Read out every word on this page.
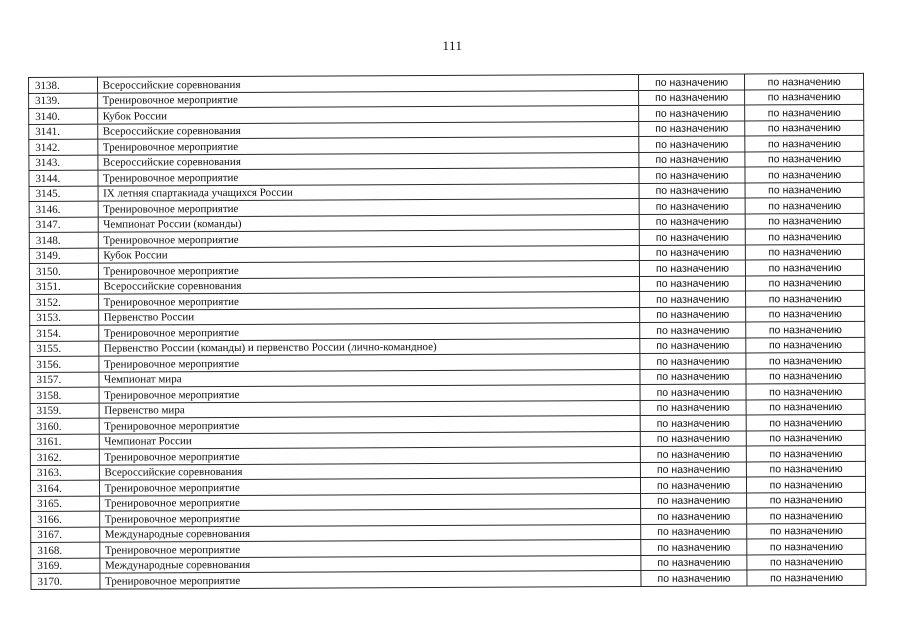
111
3138.	Всероссийские соревнования	по назначению	по назначению
3139.	Тренировочное мероприятие	по назначению	по назначению
3140.	Кубок России	по назначению	по назначению
3141.	Всероссийские соревнования	по назначению	по назначению
3142.	Тренировочное мероприятие	по назначению	по назначению
3143.	Всероссийские соревнования	по назначению	по назначению
3144.	Тренировочное мероприятие	по назначению	по назначению
3145.	IX летняя спартакиада учащихся России	по назначению	по назначению
3146.	Тренировочное мероприятие	по назначению	по назначению
3147.	Чемпионат России (команды)	по назначению	по назначению
3148.	Тренировочное мероприятие	по назначению	по назначению
3149.	Кубок России	по назначению	по назначению
3150.	Тренировочное мероприятие	по назначению	по назначению
3151.	Всероссийские соревнования	по назначению	по назначению
3152.	Тренировочное мероприятие	по назначению	по назначению
3153.	Первенство России	по назначению	по назначению
3154.	Тренировочное мероприятие	по назначению	по назначению
3155.	Первенство России (команды) и первенство России (лично-командное)	по назначению	по назначению
3156.	Тренировочное мероприятие	по назначению	по назначению
3157.	Чемпионат мира	по назначению	по назначению
3158.	Тренировочное мероприятие	по назначению	по назначению
3159.	Первенство мира	по назначению	по назначению
3160.	Тренировочное мероприятие	по назначению	по назначению
3161.	Чемпионат России	по назначению	по назначению
3162.	Тренировочное мероприятие	по назначению	по назначению
3163.	Всероссийские соревнования	по назначению	по назначению
3164.	Тренировочное мероприятие	по назначению	по назначению
3165.	Тренировочное мероприятие	по назначению	по назначению
3166.	Тренировочное мероприятие	по назначению	по назначению
3167.	Международные соревнования	по назначению	по назначению
3168.	Тренировочное мероприятие	по назначению	по назначению
3169.	Международные соревнования	по назначению	по назначению
3170.	Тренировочное мероприятие	по назначению	по назначению
